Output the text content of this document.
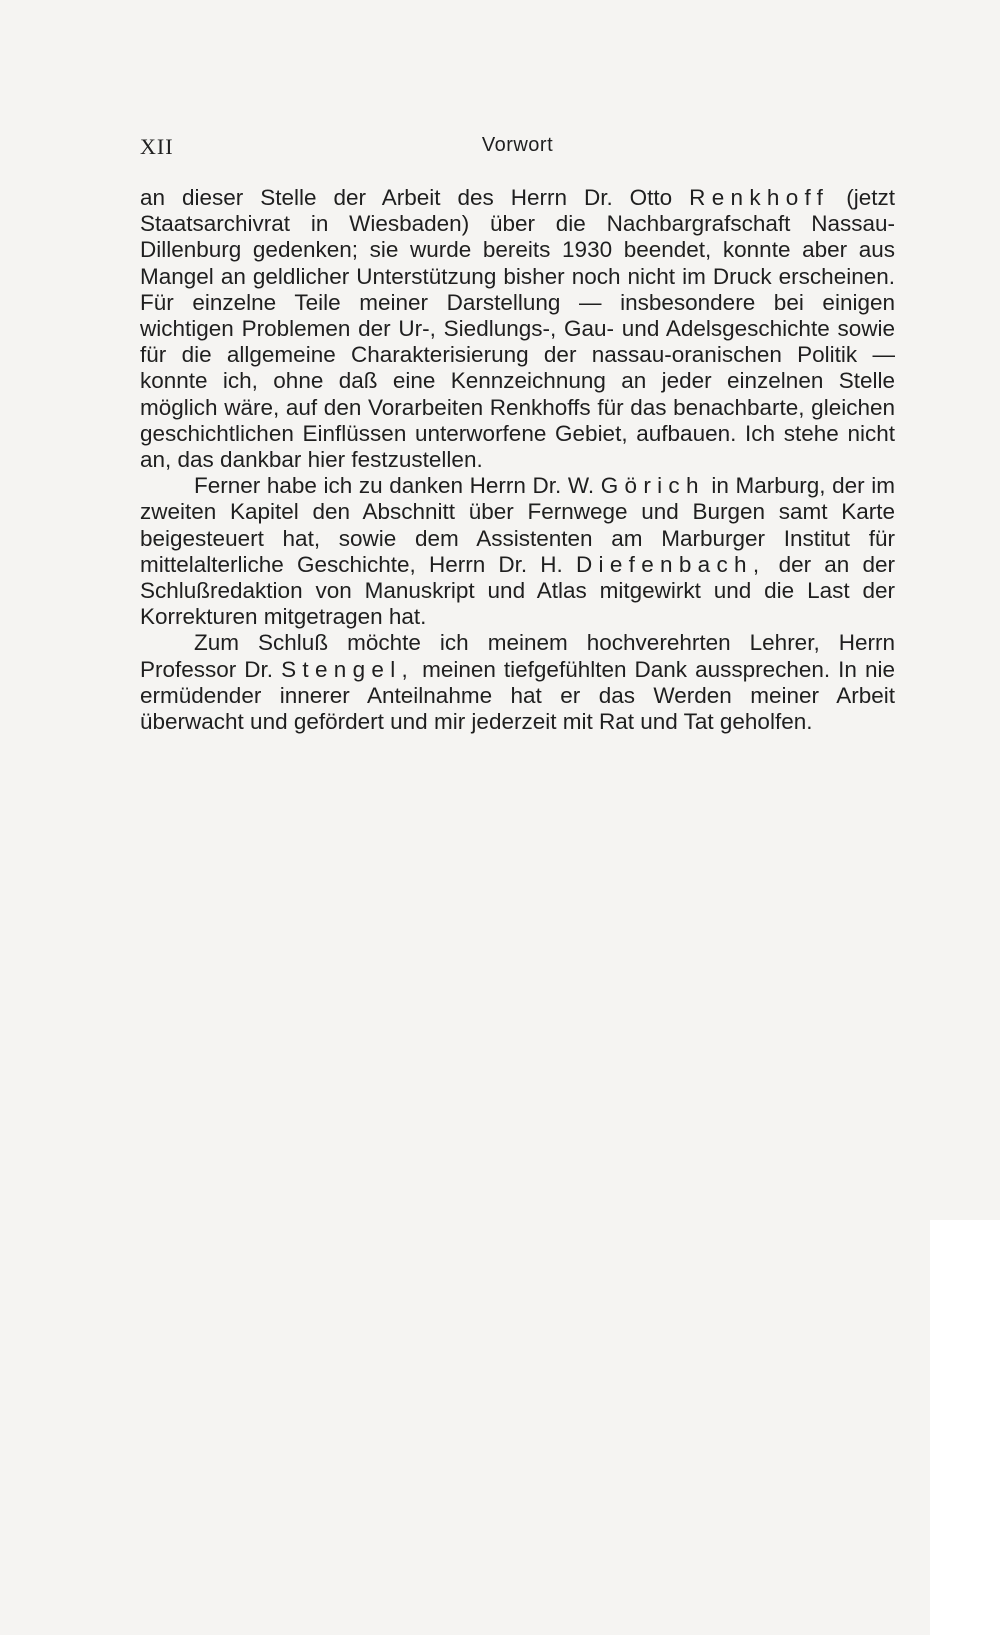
XII	Vorwort

an dieser Stelle der Arbeit des Herrn Dr. Otto Renkhoff (jetzt Staatsarchivrat in Wiesbaden) über die Nachbargrafschaft Nassau-Dillenburg gedenken; sie wurde bereits 1930 beendet, konnte aber aus Mangel an geldlicher Unterstützung bisher noch nicht im Druck erscheinen. Für einzelne Teile meiner Darstellung — insbesondere bei einigen wichtigen Problemen der Ur-, Siedlungs-, Gau- und Adelsgeschichte sowie für die allgemeine Charakterisierung der nassau-oranischen Politik — konnte ich, ohne daß eine Kennzeichnung an jeder einzelnen Stelle möglich wäre, auf den Vorarbeiten Renkhoffs für das benachbarte, gleichen geschichtlichen Einflüssen unterworfene Gebiet, aufbauen. Ich stehe nicht an, das dankbar hier festzustellen.

Ferner habe ich zu danken Herrn Dr. W. Görich in Marburg, der im zweiten Kapitel den Abschnitt über Fernwege und Burgen samt Karte beigesteuert hat, sowie dem Assistenten am Marburger Institut für mittelalterliche Geschichte, Herrn Dr. H. Diefenbach, der an der Schlußredaktion von Manuskript und Atlas mitgewirkt und die Last der Korrekturen mitgetragen hat.

Zum Schluß möchte ich meinem hochverehrten Lehrer, Herrn Professor Dr. Stengel, meinen tiefgefühlten Dank aussprechen. In nie ermüdender innerer Anteilnahme hat er das Werden meiner Arbeit überwacht und gefördert und mir jederzeit mit Rat und Tat geholfen.
